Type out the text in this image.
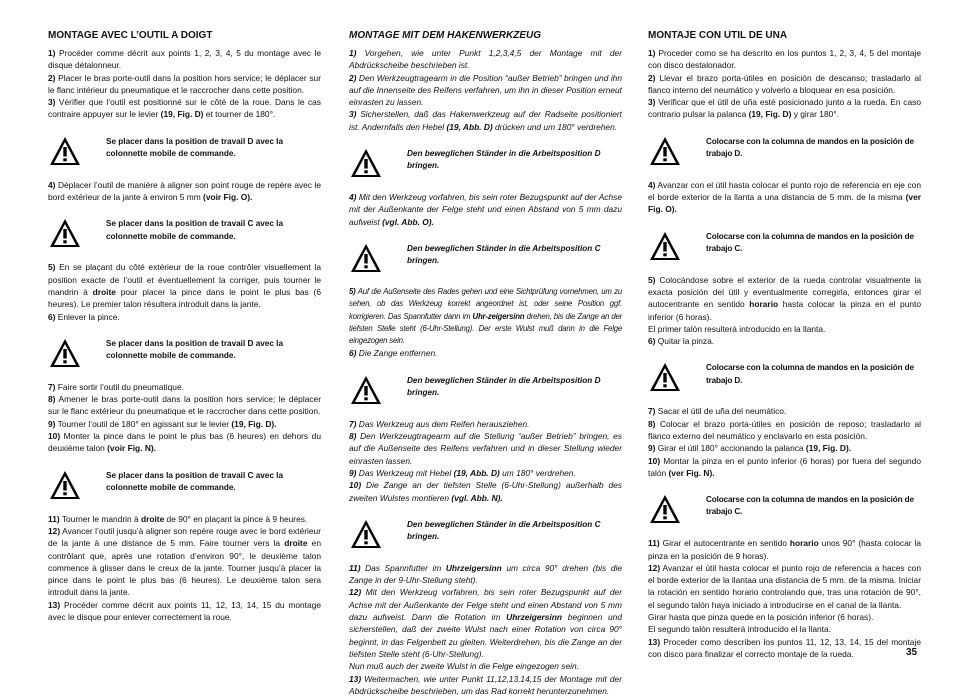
MONTAGE AVEC L’OUTIL A DOIGT

1) Procéder comme décrit aux points 1, 2, 3, 4, 5 du montage avec le disque détalonneur.

2) Placer le bras porte-outil dans la position hors service; le déplacer sur le flanc intérieur du pneumatique et le raccrocher dans cette position.

3) Vérifier que l’outil est positionné sur le côté de la roue. Dans le cas contraire appuyer sur le levier (19, Fig. D) et tourner de 180°.

Se placer dans la position de travail D avec la colonnette mobile de commande.

4) Déplacer l’outil de manière à aligner son point rouge de repère avec le bord extérieur de la jante à environ 5 mm (voir Fig. O).

Se placer dans la position de travail C avec la colonnette mobile de commande.

5) En se plaçant du côté extérieur de la roue contrôler visuellement la position exacte de l’outil et éventuellement la corriger, puis tourner le mandrin à droite pour placer la pince dans le point le plus bas (6 heures). Le premier talon résultera introduit dans la jante.

6) Enlever la pince.

Se placer dans la position de travail D avec la colonnette mobile de commande.

7) Faire sortir l’outil du pneumatique.

8) Amener le bras porte-outil dans la position hors service; le déplacer sur le flanc extérieur du pneumatique et le raccrocher dans cette position.

9) Tourner l’outil de 180° en agissant sur le levier (19, Fig. D).

10) Monter la pince dans le point le plus bas (6 heures) en dehors du deuxième talon (voir Fig. N).

Se placer dans la position de travail C avec la colonnette mobile de commande.

11) Tourner le mandrin à droite de 90° en plaçant la pince à 9 heures.

12) Avancer l’outil jusqu’à aligner son repère rouge avec le bord extérieur de la jante à une distance de 5 mm. Faire tourner vers la droite en contrôlant que, après une rotation d’environ 90°, le deuxième talon commence à glisser dans le creux de la jante. Tourner jusqu’à placer la pince dans le point le plus bas (6 heures). Le deuxième talon sera introduit dans la jante.

13) Procéder comme décrit aux points 11, 12, 13, 14, 15 du montage avec le disque pour enlever correctement la roue.

MONTAGE MIT DEM HAKENWERKZEUG

1) Vorgehen, wie unter Punkt 1,2,3,4,5 der Montage mit der Abdrückscheibe beschrieben ist.

2) Den Werkzeugtragearm in die Position “außer Betrieb” bringen und ihn auf die Innenseite des Reifens verfahren, um ihn in dieser Position erneut einrasten zu lassen.

3) Sicherstellen, daß das Hakenwerkzeug auf der Radseite positioniert ist. Andernfalls den Hebel (19, Abb. D) drücken und um 180° verdrehen.

Den beweglichen Ständer in die Arbeitsposition D bringen.

4) Mit den Werkzeug vorfahren, bis sein roter Bezugspunkt auf der Achse mit der Außenkante der Felge steht und einen Abstand von 5 mm dazu aufweist (vgl. Abb. O).

Den beweglichen Ständer in die Arbeitsposition C bringen.

5) Auf die Außenseite des Rades gehen und eine Sichtprüfung vornehmen, um zu sehen, ob das Werkzeug korrekt angeordnet ist, oder seine Position ggf. korrigieren. Das Spannfutter dann im Uhr-zeigersinn drehen, bis die Zange an der tiefsten Stelle steht (6-Uhr-Stellung). Der erste Wulst muß dann in die Felge eingezogen sein.

6) Die Zange entfernen.

Den beweglichen Ständer in die Arbeitsposition D bringen.

7) Das Werkzeug aus dem Reifen herausziehen.

8) Den Werkzeugtragearm auf die Stellung “außer Betrieb” bringen, es auf die Außenseite des Reifens verfahren und in dieser Stellung wieder einrasten lassen.

9) Das Werkzeug mit Hebel (19, Abb. D) um 180° verdrehen.

10) Die Zange an der tiefsten Stelle (6-Uhr-Stellung) außerhalb des zweiten Wulstes montieren (vgl. Abb. N).

Den beweglichen Ständer in die Arbeitsposition C bringen.

11) Das Spannfutter im Uhrzeigersinn um circa 90° drehen (bis die Zange in der 9-Uhr-Stellung steht).

12) Mit den Werkzeug vorfahren, bis sein roter Bezugspunkt auf der Achse mit der Außenkante der Felge steht und einen Abstand von 5 mm dazu aufweist. Dann die Rotation im Uhrzeigersinn beginnen und sicherstellen, daß der zweite Wulst nach einer Rotation von circa 90° beginnt, in das Felgenbett zu gleiten. Weiterdrehen, bis die Zange an der tiefsten Stelle steht (6-Uhr-Stellung).

Nun muß auch der zweite Wulst in die Felge eingezogen sein.

13) Weitermachen, wie unter Punkt 11,12,13,14,15 der Montage mit der Abdrückscheibe beschrieben, um das Rad korrekt herunterzunehmen.

MONTAJE CON UTIL DE UNA

1) Proceder como se ha descrito en los puntos 1, 2, 3, 4, 5 del montaje con disco destalonador.

2) Llevar el brazo porta-útiles en posición de descanso; trasladarlo al flanco interno del neumático y volverlo a bloquear en esa posición.

3) Verificar que el útil de uña esté posicionado junto a la rueda. En caso contrario pulsar la palanca (19, Fig. D) y girar 180°.

Colocarse con la columna de mandos en la posición de trabajo D.

4) Avanzar con el útil hasta colocar el punto rojo de referencia en eje con el borde exterior de la llanta a una distancia de 5 mm. de la misma (ver Fig. O).

Colocarse con la columna de mandos en la posición de trabajo C.

5) Colocándose sobre el exterior de la rueda controlar visualmente la exacta posición del útil y eventualmente corregirla, entonces girar el autocentrante en sentido horario hasta colocar la pinza en el punto inferior (6 horas).

El primer talón resulterá introducido en la llanta.

6) Quitar la pinza.

Colocarse con la columna de mandos en la posición de trabajo D.

7) Sacar el útil de uña del neumático.

8) Colocar el brazo porta-útiles en posición de reposo; trasladarlo al flanco externo del neumático y enclavarlo en esta posición.

9) Girar el útil 180° accionando la palanca (19, Fig. D).

10) Montar la pinza en el punto inferior (6 horas) por fuera del segundo talón (ver Fig. N).

Colocarse con la columna de mandos en la posición de trabajo C.

11) Girar el autocentrante en sentido horario unos 90° (hasta colocar la pinza en la posición de 9 horas).

12) Avanzar el útil hasta colocar el punto rojo de referencia a haces con el borde exterior de la llantaa una distancia de 5 mm. de la misma. Iniciar la rotación en sentido horario controlando que, tras una rotación de 90°, el segundo talón haya iniciado a introducirse en el canal de la llanta.

Girar hasta que pinza quede en la posición inferior (6 horas).

El segundo talón resulterá introducido el la llanta.

13) Proceder como describen los puntos 11, 12, 13, 14, 15 del montaje con disco para finalizar el correcto montaje de la rueda.	35
